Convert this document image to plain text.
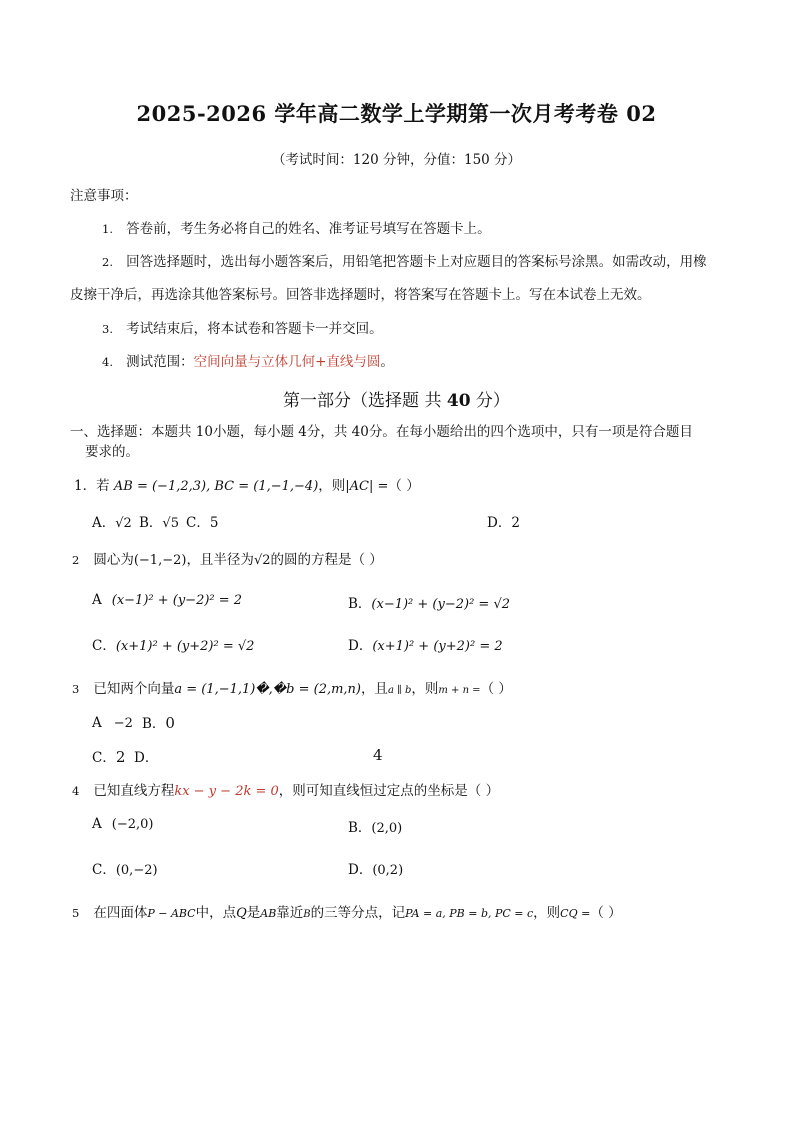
2025-2026 学年高二数学上学期第一次月考考卷 02
（考试时间：120 分钟，分值：150 分）
注意事项：
1. 答卷前，考生务必将自己的姓名、准考证号填写在答题卡上。
2. 回答选择题时，选出每小题答案后，用铅笔把答题卡上对应题目的答案标号涂黑。如需改动，用橡
皮擦干净后，再选涂其他答案标号。回答非选择题时，将答案写在答题卡上。写在本试卷上无效。
3. 考试结束后，将本试卷和答题卡一并交回。
4. 测试范围：空间向量与立体几何+直线与圆。
第一部分（选择题 共 40 分）
一、选择题：本题共 10小题，每小题 4分，共 40分。在每小题给出的四个选项中，只有一项是符合题目
要求的。
1．若 AB = (−1,2,3), BC = (1,−1,−4)，则|AC| =（ ）
A．√2 B．√5 C．5	D．2
2 圆心为(−1,−2)，且半径为√2的圆的方程是（ ）
A (x−1)² + (y−2)² = 2	B．(x−1)² + (y−2)² = √2
C．(x+1)² + (y+2)² = √2	D．(x+1)² + (y+2)² = 2
3 已知两个向量a = (1,−1,1)�,�b = (2,m,n)，且a ∥ b，则m + n =（ ）
A −2 B．0
C．2 D．	4
4 已知直线方程kx − y − 2k = 0，则可知直线恒过定点的坐标是（ ）
A (−2,0)	B．(2,0)
C．(0,−2)	D．(0,2)
5 在四面体P − ABC中，点Q是AB靠近B的三等分点，记PA = a, PB = b, PC = c，则CQ =（ ）
